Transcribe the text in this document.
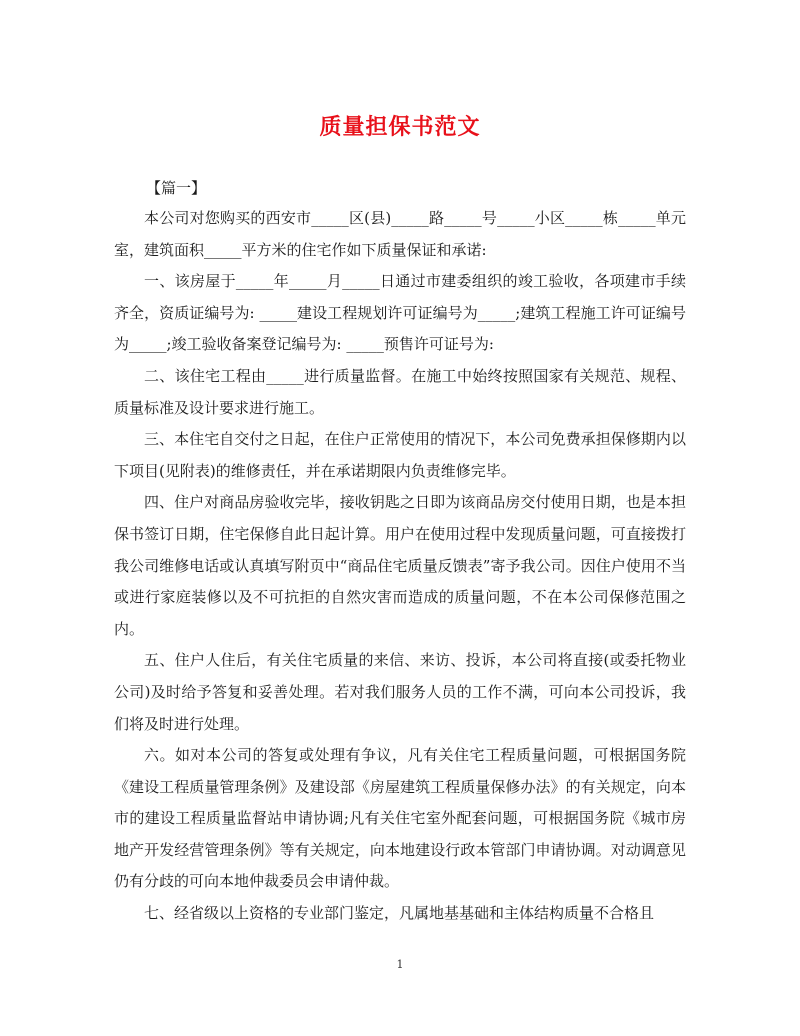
质量担保书范文
【篇一】

本公司对您购买的西安市_____区(县)_____路_____号_____小区_____栋_____单元室，建筑面积_____平方米的住宅作如下质量保证和承诺:

一、该房屋于_____年_____月_____日通过市建委组织的竣工验收，各项建市手续齐全，资质证编号为: _____建设工程规划许可证编号为_____;建筑工程施工许可证编号为_____;竣工验收备案登记编号为: _____预售许可证号为:

二、该住宅工程由_____进行质量监督。在施工中始终按照国家有关规范、规程、质量标准及设计要求进行施工。

三、本住宅自交付之日起，在住户正常使用的情况下，本公司免费承担保修期内以下项目(见附表)的维修责任，并在承诺期限内负责维修完毕。

四、住户对商品房验收完毕，接收钥匙之日即为该商品房交付使用日期，也是本担保书签订日期，住宅保修自此日起计算。用户在使用过程中发现质量问题，可直接拨打我公司维修电话或认真填写附页中“商品住宅质量反馈表”寄予我公司。因住户使用不当或进行家庭装修以及不可抗拒的自然灾害而造成的质量问题，不在本公司保修范围之内。

五、住户人住后，有关住宅质量的来信、来访、投诉，本公司将直接(或委托物业公司)及时给予答复和妥善处理。若对我们服务人员的工作不满，可向本公司投诉，我们将及时进行处理。

六。如对本公司的答复或处理有争议，凡有关住宅工程质量问题，可根据国务院《建设工程质量管理条例》及建设部《房屋建筑工程质量保修办法》的有关规定，向本市的建设工程质量监督站申请协调;凡有关住宅室外配套问题，可根据国务院《城市房地产开发经营管理条例》等有关规定，向本地建设行政本管部门申请协调。对动调意见仍有分歧的可向本地仲裁委员会申请仲裁。

七、经省级以上资格的专业部门鉴定，凡属地基基础和主体结构质量不合格且

1
